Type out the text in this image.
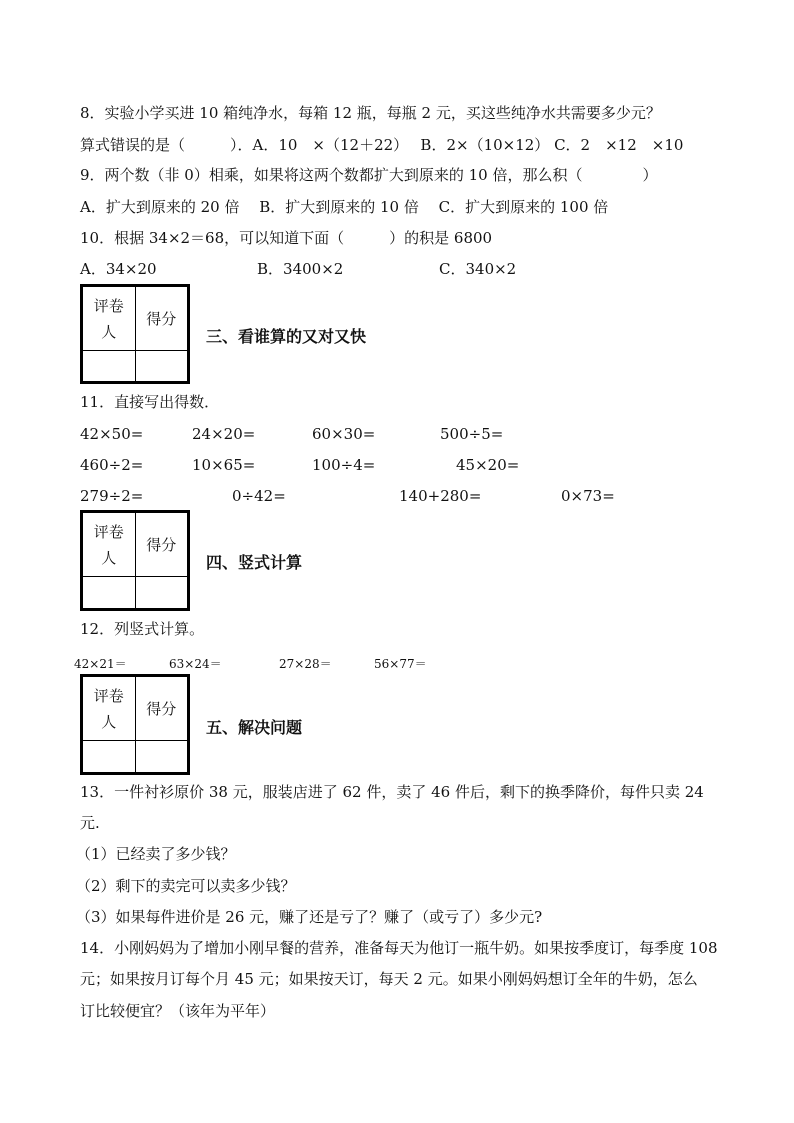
8．实验小学买进 10 箱纯净水，每箱 12 瓶，每瓶 2 元，买这些纯净水共需要多少元？
算式错误的是（　　　）．A．10　×（12＋22）　 B．2×（10×12） C．2　×12　×10
9．两个数（非 0）相乘，如果将这两个数都扩大到原来的 10 倍，那么积（　　　　）
A．扩大到原来的 20 倍　 B．扩大到原来的 10 倍　 C．扩大到原来的 100 倍
10．根据 34×2＝68，可以知道下面（　　　）的积是 6800
A．34×20	B．3400×2	C．340×2
评卷
人	得分

三、看谁算的又对又快
11．直接写出得数．
42×50=	24×20=	60×30=	500÷5=
460÷2=	10×65=	100÷4=	45×20=
279÷2=	0÷42=	140+280=	0×73=
评卷
人	得分

四、竖式计算
12．列竖式计算。
42×21＝	63×24＝	27×28＝	56×77＝
评卷
人	得分

五、解决问题
13．一件衬衫原价 38 元，服装店进了 62 件，卖了 46 件后，剩下的换季降价，每件只卖 24
元.
（1）已经卖了多少钱？
（2）剩下的卖完可以卖多少钱？
（3）如果每件进价是 26 元，赚了还是亏了？赚了（或亏了）多少元?
14．小刚妈妈为了增加小刚早餐的营养，准备每天为他订一瓶牛奶。如果按季度订，每季度 108
元；如果按月订每个月 45 元；如果按天订，每天 2 元。如果小刚妈妈想订全年的牛奶，怎么
订比较便宜？（该年为平年）
